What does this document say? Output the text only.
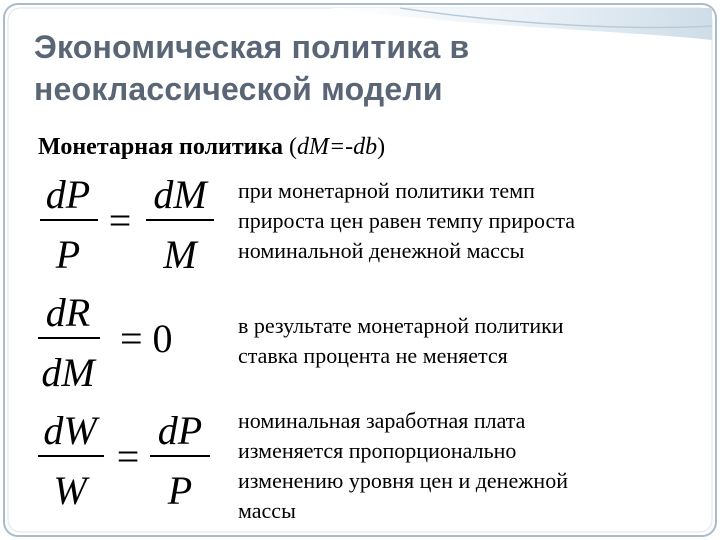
Экономическая политика в
неоклассической модели
Монетарная политика (dM=-db)
dP
P
=
dM
M
dR
dM
= 0
dW
W
=
dP
P
при монетарной политики темп
прироста цен равен темпу прироста
номинальной денежной массы
в результате монетарной политики
ставка процента не меняется
номинальная заработная плата
изменяется пропорционально
изменению уровня цен и денежной
массы
